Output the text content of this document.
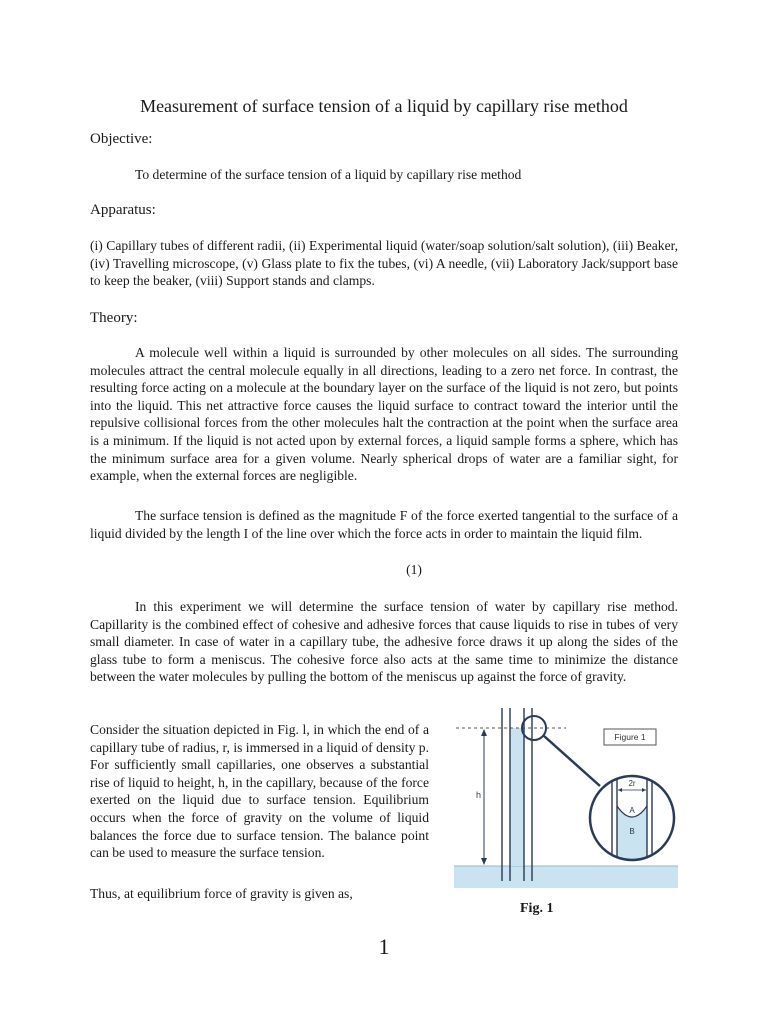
Measurement of surface tension of a liquid by capillary rise method
Objective:
To determine of the surface tension of a liquid by capillary rise method
Apparatus:
(i) Capillary tubes of different radii, (ii) Experimental liquid (water/soap solution/salt solution), (iii) Beaker, (iv) Travelling microscope, (v) Glass plate to fix the tubes, (vi) A needle, (vii) Laboratory Jack/support base to keep the beaker, (viii) Support stands and clamps.
Theory:
A molecule well within a liquid is surrounded by other molecules on all sides. The surrounding molecules attract the central molecule equally in all directions, leading to a zero net force. In contrast, the resulting force acting on a molecule at the boundary layer on the surface of the liquid is not zero, but points into the liquid. This net attractive force causes the liquid surface to contract toward the interior until the repulsive collisional forces from the other molecules halt the contraction at the point when the surface area is a minimum. If the liquid is not acted upon by external forces, a liquid sample forms a sphere, which has the minimum surface area for a given volume. Nearly spherical drops of water are a familiar sight, for example, when the external forces are negligible.
The surface tension is defined as the magnitude F of the force exerted tangential to the surface of a liquid divided by the length I of the line over which the force acts in order to maintain the liquid film.
(1)
In this experiment we will determine the surface tension of water by capillary rise method. Capillarity is the combined effect of cohesive and adhesive forces that cause liquids to rise in tubes of very small diameter. In case of water in a capillary tube, the adhesive force draws it up along the sides of the glass tube to form a meniscus. The cohesive force also acts at the same time to minimize the distance between the water molecules by pulling the bottom of the meniscus up against the force of gravity.
Consider the situation depicted in Fig. l, in which the end of a capillary tube of radius, r, is immersed in a liquid of density p. For sufficiently small capillaries, one observes a substantial rise of liquid to height, h, in the capillary, because of the force exerted on the liquid due to surface tension. Equilibrium occurs when the force of gravity on the volume of liquid balances the force due to surface tension. The balance point can be used to measure the surface tension.
Thus, at equilibrium force of gravity is given as,
h
Figure 1
2r
A
B
Fig. 1
1
